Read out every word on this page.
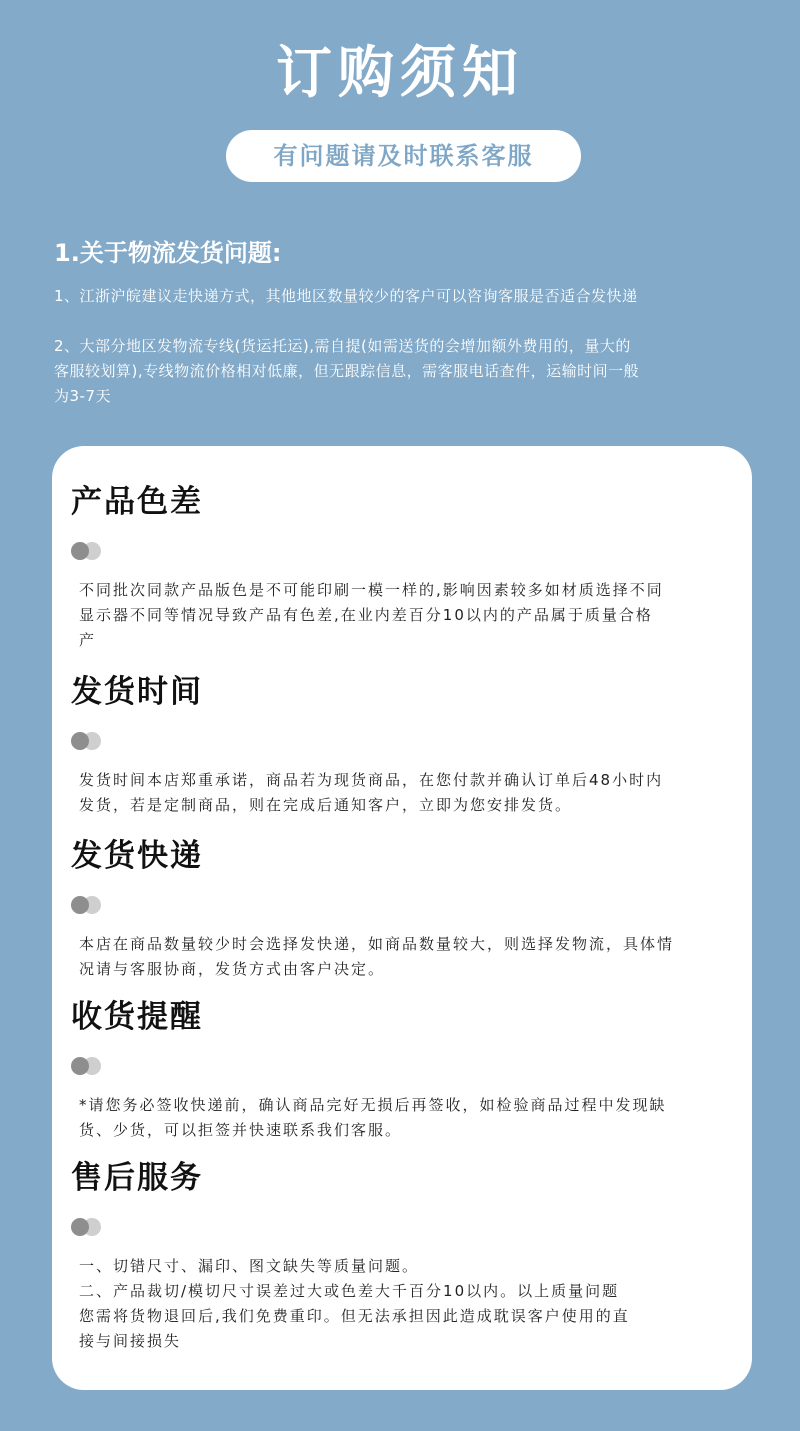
订购须知
有问题请及时联系客服
1.关于物流发货问题:

1、江浙沪皖建议走快递方式，其他地区数量较少的客户可以咨询客服是否适合发快递

2、大部分地区发物流专线(货运托运),需自提(如需送货的会增加额外费用的，量大的
客服较划算),专线物流价格相对低廉，但无跟踪信息，需客服电话查件，运输时间一般
为3-7天

产品色差

不同批次同款产品版色是不可能印刷一模一样的,影响因素较多如材质选择不同
显示器不同等情况导致产品有色差,在业内差百分10以内的产品属于质量合格
产

发货时间

发货时间本店郑重承诺，商品若为现货商品，在您付款并确认订单后48小时内
发货，若是定制商品，则在完成后通知客户，立即为您安排发货。

发货快递

本店在商品数量较少时会选择发快递，如商品数量较大，则选择发物流，具体情
况请与客服协商，发货方式由客户决定。

收货提醒

*请您务必签收快递前，确认商品完好无损后再签收，如检验商品过程中发现缺
货、少货，可以拒签并快速联系我们客服。

售后服务

一、切错尺寸、漏印、图文缺失等质量问题。
二、产品裁切/模切尺寸误差过大或色差大千百分10以内。以上质量问题
您需将货物退回后,我们免费重印。但无法承担因此造成耽误客户使用的直
接与间接损失
